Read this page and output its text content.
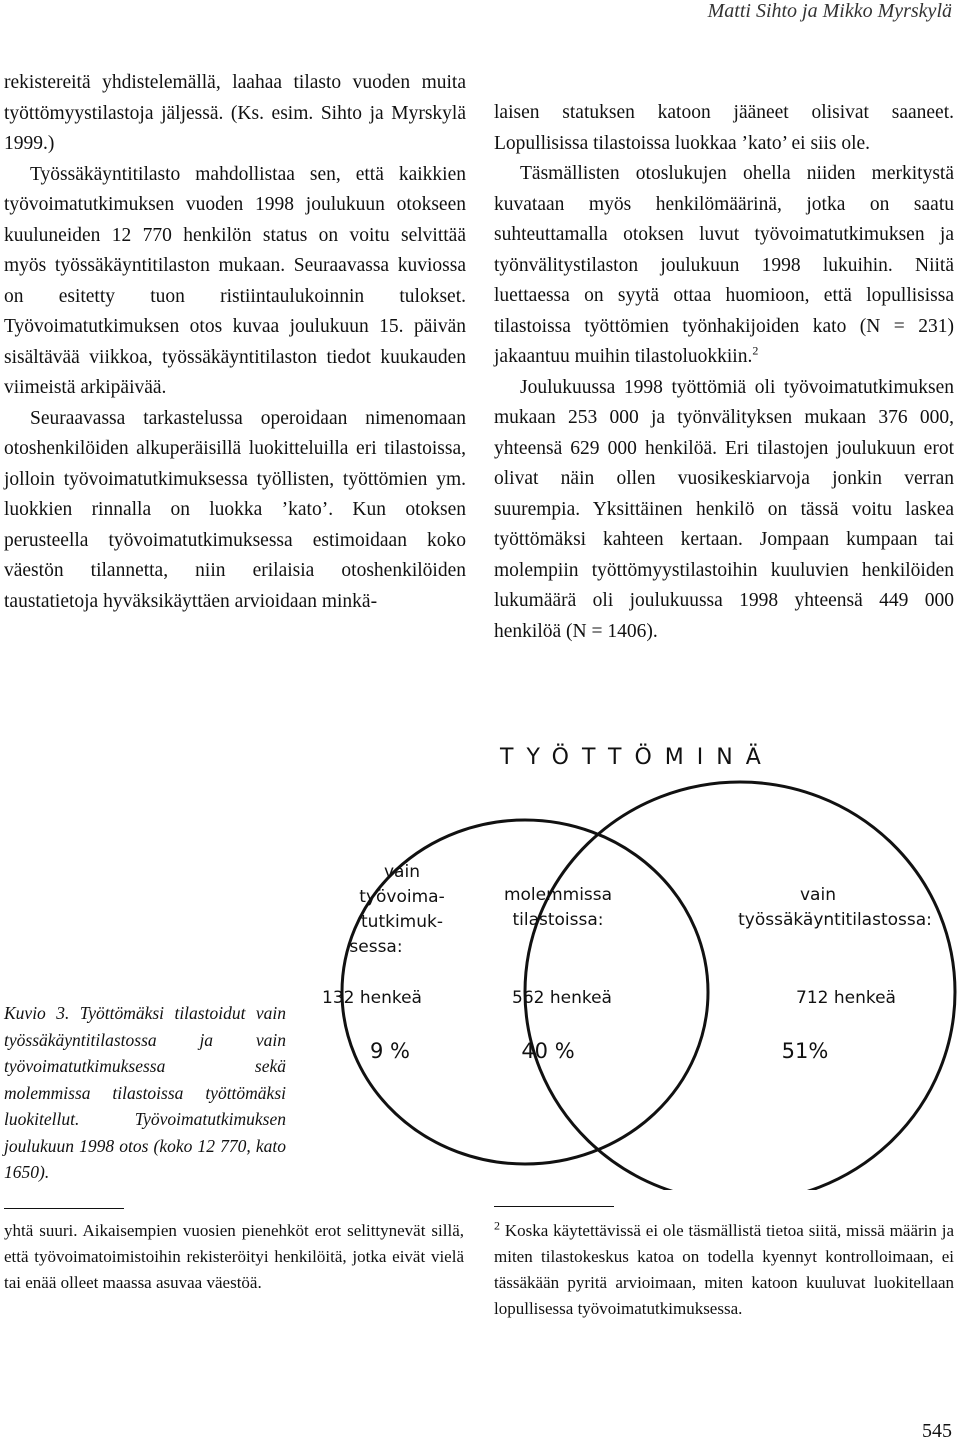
Matti Sihto ja Mikko Myrskylä

rekistereitä yhdistelemällä, laahaa tilasto vuoden muita työttömyystilastoja jäljessä. (Ks. esim. Sihto ja Myrskylä 1999.)

Työssäkäyntitilasto mahdollistaa sen, että kaikkien työvoimatutkimuksen vuoden 1998 joulukuun otokseen kuuluneiden 12 770 henkilön status on voitu selvittää myös työssäkäyntitilaston mukaan. Seuraavassa kuviossa on esitetty tuon ristiintaulukoinnin tulokset. Työvoimatutkimuksen otos kuvaa joulukuun 15. päivän sisältävää viikkoa, työssäkäyntitilaston tiedot kuukauden viimeistä arkipäivää.

Seuraavassa tarkastelussa operoidaan nimenomaan otoshenkilöiden alkuperäisillä luokitteluilla eri tilastoissa, jolloin työvoimatutkimuksessa työllisten, työttömien ym. luokkien rinnalla on luokka ’kato’. Kun otoksen perusteella työvoimatutkimuksessa estimoidaan koko väestön tilannetta, niin erilaisia otoshenkilöiden taustatietoja hyväksikäyttäen arvioidaan minkä-

laisen statuksen katoon jääneet olisivat saaneet. Lopullisissa tilastoissa luokkaa ’kato’ ei siis ole.

Täsmällisten otoslukujen ohella niiden merkitystä kuvataan myös henkilömäärinä, jotka on saatu suhteuttamalla otoksen luvut työvoimatutkimuksen ja työnvälitystilaston joulukuun 1998 lukuihin. Niitä luettaessa on syytä ottaa huomioon, että lopullisissa tilastoissa työttömien työnhakijoiden kato (N = 231) jakaantuu muihin tilastoluokkiin.$^2$

Joulukuussa 1998 työttömiä oli työvoimatutkimuksen mukaan 253 000 ja työnvälityksen mukaan 376 000, yhteensä 629 000 henkilöä. Eri tilastojen joulukuun erot olivat näin ollen vuosikeskiarvoja jonkin verran suurempia. Yksittäinen henkilö on tässä voitu laskea työttömäksi kahteen kertaan. Jompaan kumpaan tai molempiin työttömyystilastoihin kuuluvien henkilöiden lukumäärä oli joulukuussa 1998 yhteensä 449 000 henkilöä (N = 1406).

TYÖTTÖMINÄ
vain
työvoima-
tutkimuk-
sessa:
molemmissa
tilastoissa:
vain
työssäkäyntitilastossa:
132 henkeä	562 henkeä	712 henkeä
9 %	40 %	51%
Kuvio 3. Työttömäksi tilastoidut vain työssäkäyntitilastossa ja vain työvoimatutkimuksessa sekä molemmissa tilastoissa työttömäksi luokitellut. Työvoimatutkimuksen joulukuun 1998 otos (koko 12 770, kato 1650).
yhtä suuri. Aikaisempien vuosien pienehköt erot selittynevät sillä, että työvoimatoimistoihin rekisteröityi henkilöitä, jotka eivät vielä tai enää olleet maassa asuvaa väestöä.
$^2$ Koska käytettävissä ei ole täsmällistä tietoa siitä, missä määrin ja miten tilastokeskus katoa on todella kyennyt kontrolloimaan, ei tässäkään pyritä arvioimaan, miten katoon kuuluvat luokitellaan lopullisessa työvoimatutkimuksessa.
545
